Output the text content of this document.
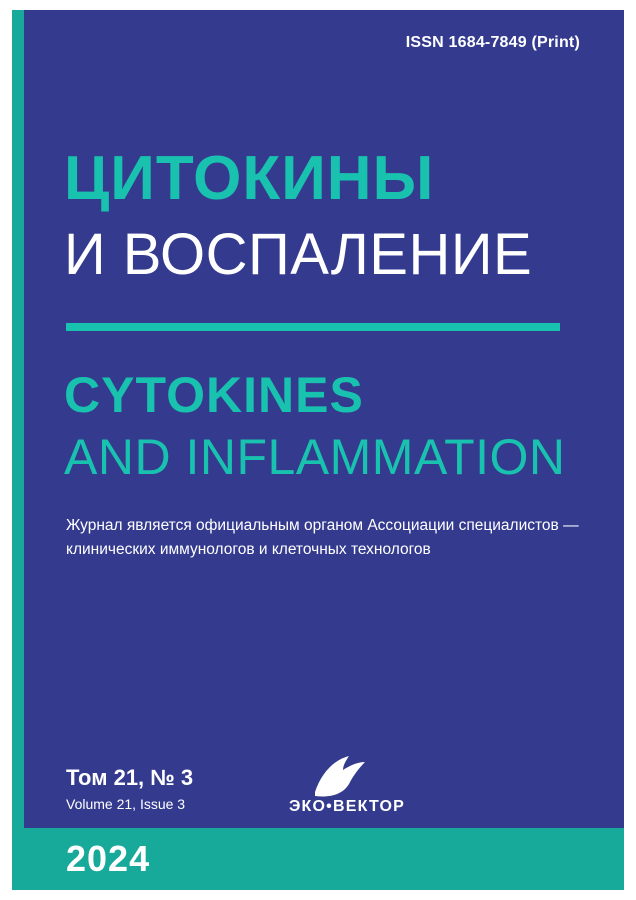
ISSN 1684-7849 (Print)
ЦИТОКИНЫ
И ВОСПАЛЕНИЕ
CYTOKINES
AND INFLAMMATION
Журнал является официальным органом Ассоциации специалистов — клинических иммунологов и клеточных технологов
Том 21, № 3
Volume 21, Issue 3	ЭКО•ВЕКТОР
2024
